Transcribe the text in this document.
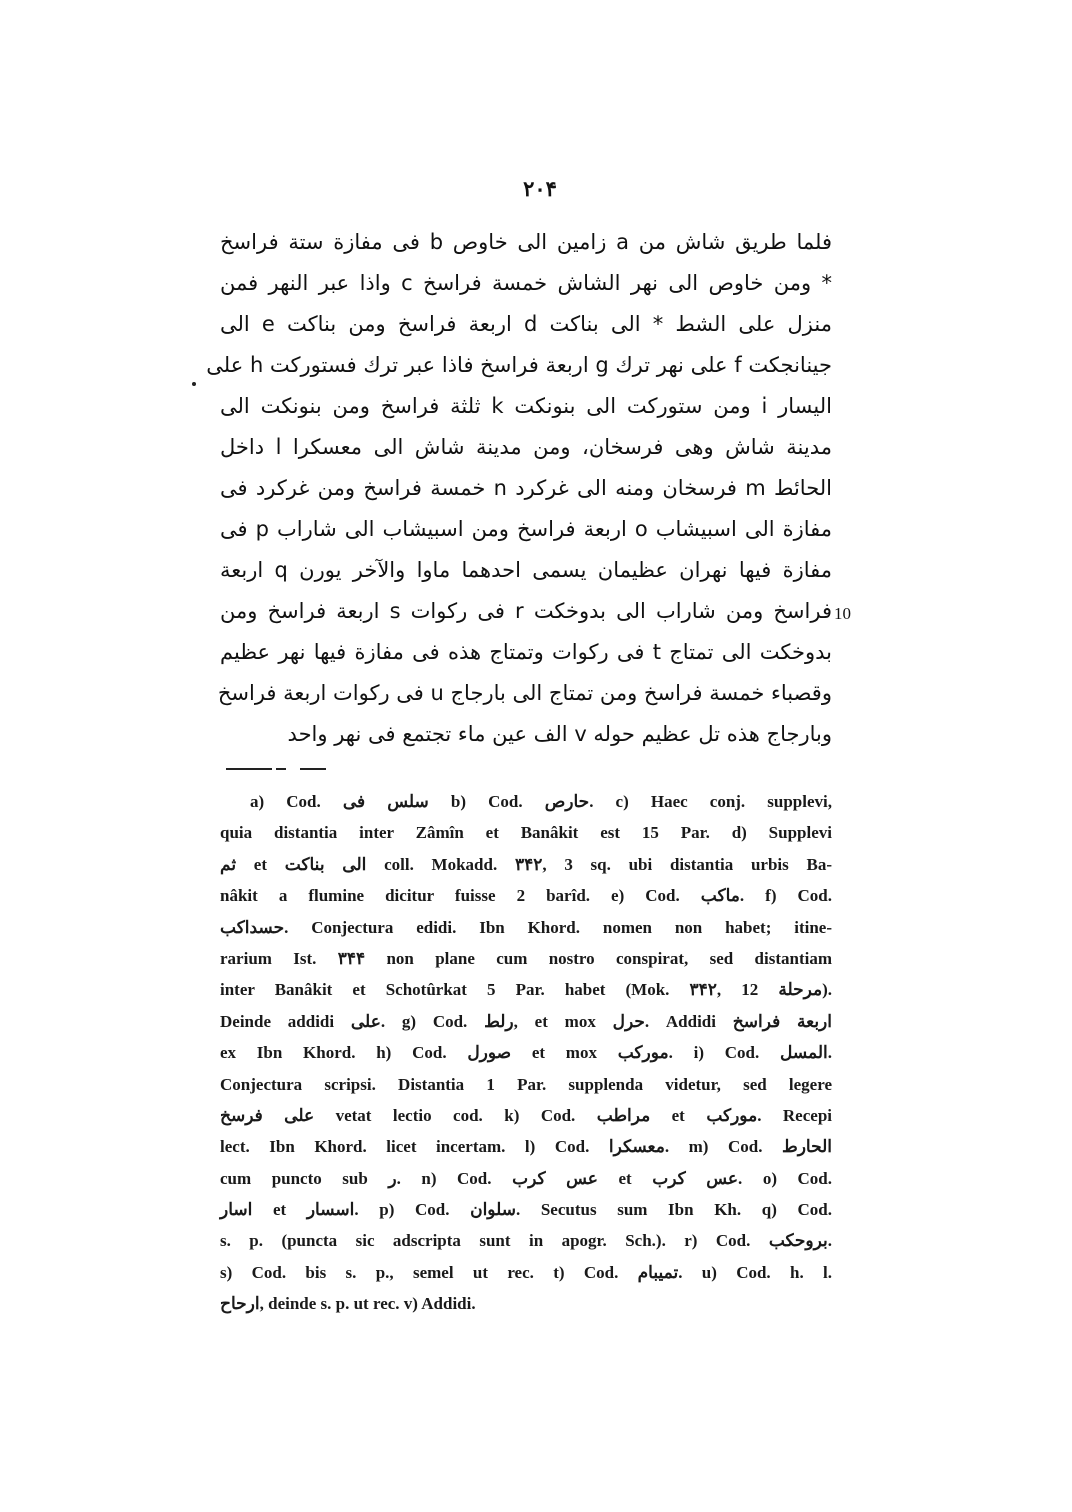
۲۰۴
فلما طريق شاش من a زامين الى خاوص b فى مفازة ستة فراسخ
* ومن خاوص الى نهر الشاش خمسة فراسخ c واذا عبر النهر فمن
منزل على الشط * الى بناكت d اربعة فراسخ ومن بناكت e الى
جينانجكت f على نهر ترك g اربعة فراسخ فاذا عبر ترك فستوركت h على
اليسار i ومن ستوركت الى بنونكت k ثلثة فراسخ ومن بنونكت الى
مدينة شاش وهى فرسخان، ومن مدينة شاش الى معسكرا l داخل
الحائط m فرسخان ومنه الى غركرد n خمسة فراسخ ومن غركرد فى
مفازة الى اسبيشاب o اربعة فراسخ ومن اسبيشاب الى شاراب p فى
مفازة فيها نهران عظيمان يسمى احدهما ماوا والآخر يورن q اربعة
فراسخ ومن شاراب الى بدوخكت r فى ركوات s اربعة فراسخ ومن
بدوخكت الى تمتاج t فى ركوات وتمتاج هذه فى مفازة فيها نهر عظيم
وقصباء خمسة فراسخ ومن تمتاج الى بارجاج u فى ركوات اربعة فراسخ
وبارجاج هذه تل عظيم حوله v الف عين ماء تجتمع فى نهر واحد
10
a) Cod. سلس فى b) Cod. حارص. c) Haec conj. supplevi,
quia distantia inter Zâmîn et Banâkit est 15 Par. d) Supplevi
ثم et الى بناكت coll. Mokadd. ۳۴۲, 3 sq. ubi distantia urbis Ba-
nâkit a flumine dicitur fuisse 2 barîd. e) Cod. ماكب. f) Cod.
حسداكب. Conjectura edidi. Ibn Khord. nomen non habet; itine-
rarium Ist. ۳۴۴ non plane cum nostro conspirat, sed distantiam
inter Banâkit et Schotûrkat 5 Par. habet (Mok. ۳۴۲, 12 مرحلة).
Deinde addidi على. g) Cod. رلط, et mox حرل. Addidi اربعة فراسخ
ex Ibn Khord. h) Cod. صورل et mox موركب. i) Cod. المسل.
Conjectura scripsi. Distantia 1 Par. supplenda videtur, sed legere
على فرسخ vetat lectio cod. k) Cod. مراطب et موركب. Recepi
lect. Ibn Khord. licet incertam. l) Cod. معسكرا. m) Cod. الحارط
cum puncto sub ر. n) Cod. عس كرب et عس كرب. o) Cod.
اسار et اسسار. p) Cod. سلوان. Secutus sum Ibn Kh. q) Cod.
s. p. (puncta sic adscripta sunt in apogr. Sch.). r) Cod. بروحكب.
s) Cod. bis s. p., semel ut rec. t) Cod. تميبام. u) Cod. h. l.
ارحاح, deinde s. p. ut rec. v) Addidi.
